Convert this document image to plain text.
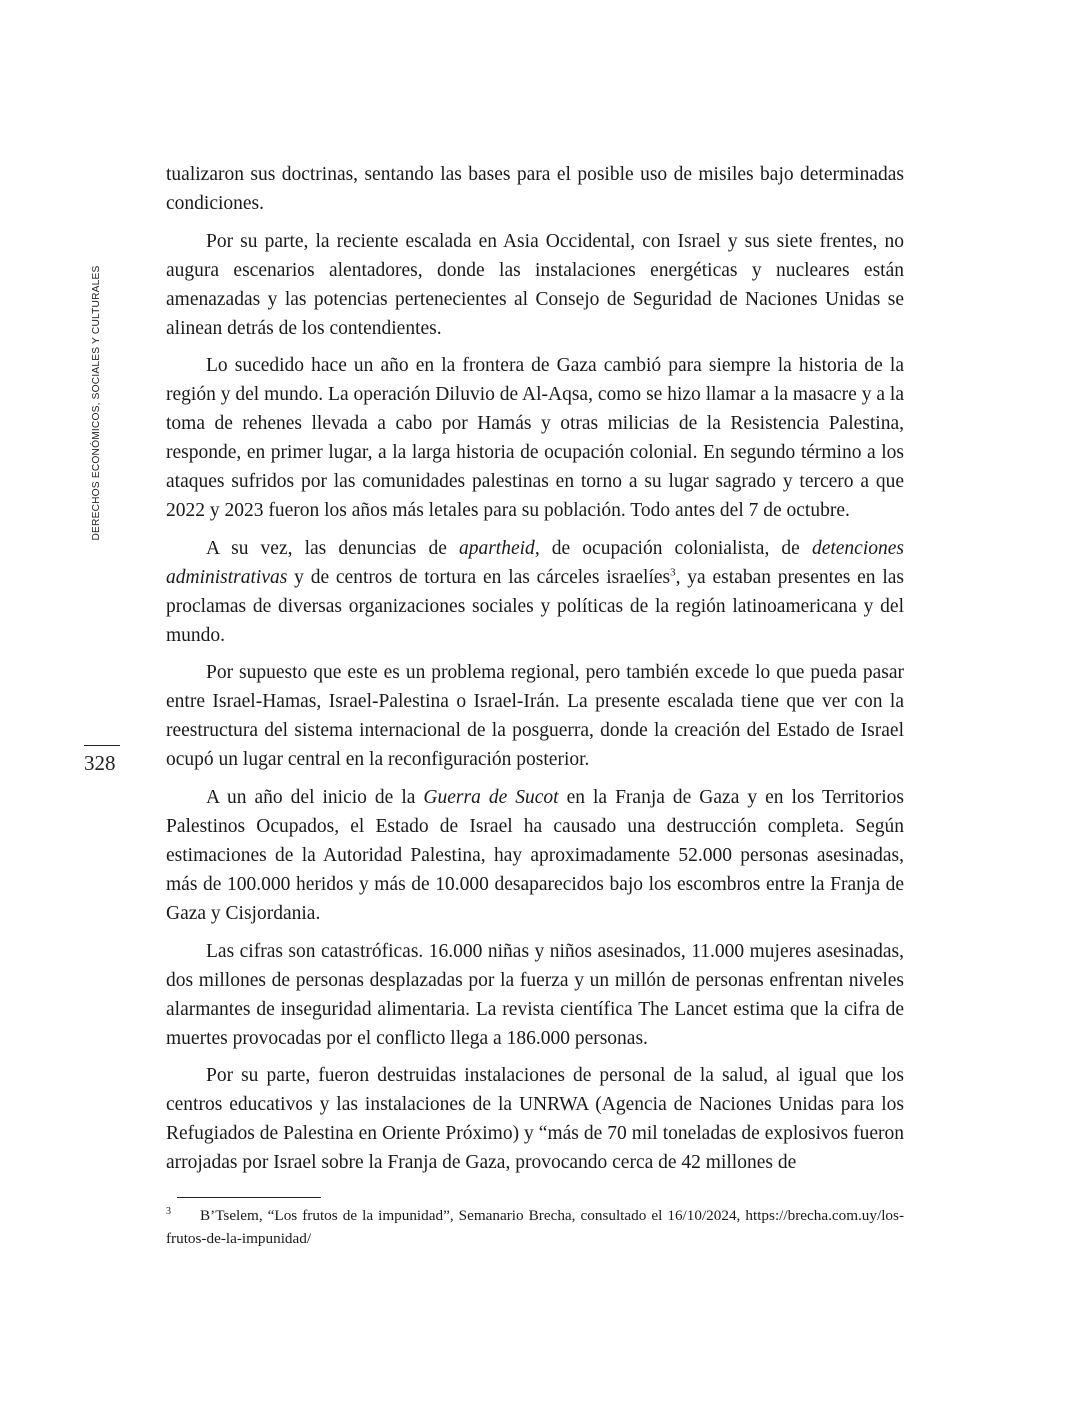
DERECHOS ECONÓMICOS, SOCIALES Y CULTURALES
328

tualizaron sus doctrinas, sentando las bases para el posible uso de misiles bajo determinadas condiciones.

Por su parte, la reciente escalada en Asia Occidental, con Israel y sus siete frentes, no augura escenarios alentadores, donde las instalaciones energéticas y nucleares están amenazadas y las potencias pertenecientes al Consejo de Seguridad de Naciones Unidas se alinean detrás de los contendientes.

Lo sucedido hace un año en la frontera de Gaza cambió para siempre la historia de la región y del mundo. La operación Diluvio de Al-Aqsa, como se hizo llamar a la masacre y a la toma de rehenes llevada a cabo por Hamás y otras milicias de la Resistencia Palestina, responde, en primer lugar, a la larga historia de ocupación colonial. En segundo término a los ataques sufridos por las comunidades palestinas en torno a su lugar sagrado y tercero a que 2022 y 2023 fueron los años más letales para su población. Todo antes del 7 de octubre.

A su vez, las denuncias de apartheid, de ocupación colonialista, de detenciones administrativas y de centros de tortura en las cárceles israelíes$^3$, ya estaban presentes en las proclamas de diversas organizaciones sociales y políticas de la región latinoamericana y del mundo.

Por supuesto que este es un problema regional, pero también excede lo que pueda pasar entre Israel-Hamas, Israel-Palestina o Israel-Irán. La presente escalada tiene que ver con la reestructura del sistema internacional de la posguerra, donde la creación del Estado de Israel ocupó un lugar central en la reconfiguración posterior.

A un año del inicio de la Guerra de Sucot en la Franja de Gaza y en los Territorios Palestinos Ocupados, el Estado de Israel ha causado una destrucción completa. Según estimaciones de la Autoridad Palestina, hay aproximadamente 52.000 personas asesinadas, más de 100.000 heridos y más de 10.000 desaparecidos bajo los escombros entre la Franja de Gaza y Cisjordania.

Las cifras son catastróficas. 16.000 niñas y niños asesinados, 11.000 mujeres asesinadas, dos millones de personas desplazadas por la fuerza y un millón de personas enfrentan niveles alarmantes de inseguridad alimentaria. La revista científica The Lancet estima que la cifra de muertes provocadas por el conflicto llega a 186.000 personas.

Por su parte, fueron destruidas instalaciones de personal de la salud, al igual que los centros educativos y las instalaciones de la UNRWA (Agencia de Naciones Unidas para los Refugiados de Palestina en Oriente Próximo) y “más de 70 mil toneladas de explosivos fueron arrojadas por Israel sobre la Franja de Gaza, provocando cerca de 42 millones de

3 B’Tselem, “Los frutos de la impunidad”, Semanario Brecha, consultado el 16/10/2024, https://brecha.com.uy/los-frutos-de-la-impunidad/
